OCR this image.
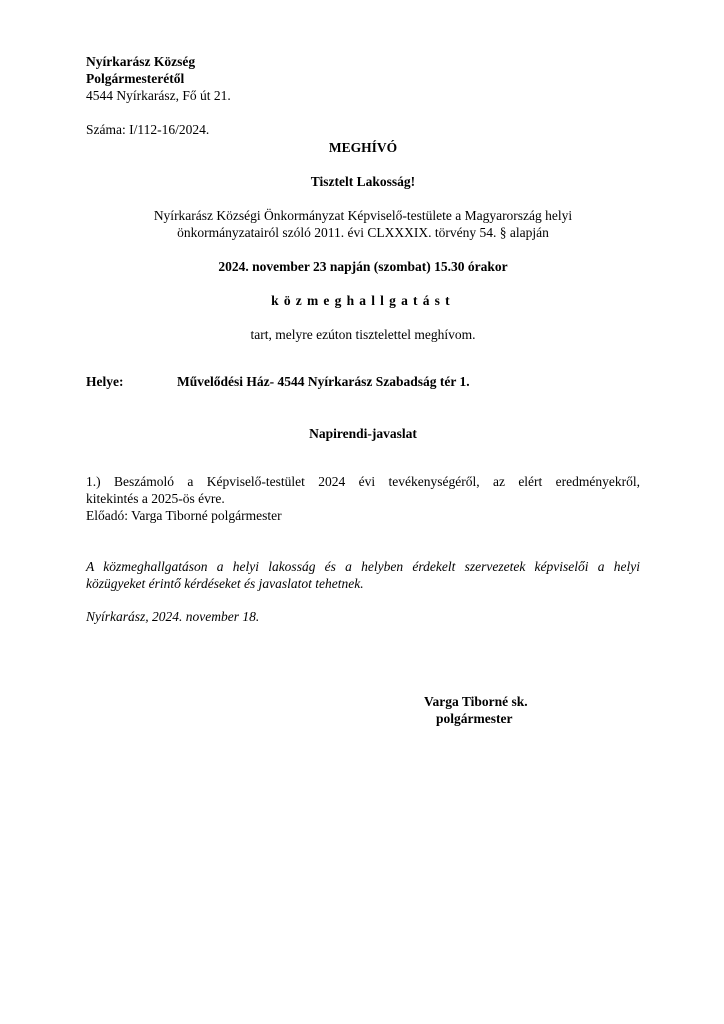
Nyírkarász Község
Polgármesterétől
4544 Nyírkarász, Fő út 21.
Száma: I/112-16/2024.
MEGHÍVÓ
Tisztelt Lakosság!
Nyírkarász Községi Önkormányzat Képviselő-testülete a Magyarország helyi
önkormányzatairól szóló 2011. évi CLXXXIX. törvény 54. § alapján
2024. november 23 napján (szombat) 15.30 órakor
közmeghallgatást
tart, melyre ezúton tisztelettel meghívom.
Helye:	Művelődési Ház- 4544 Nyírkarász Szabadság tér 1.
Napirendi-javaslat
1.) Beszámoló a Képviselő-testület 2024 évi tevékenységéről, az elért eredményekről,
kitekintés a 2025-ös évre.
Előadó: Varga Tiborné polgármester
A közmeghallgatáson a helyi lakosság és a helyben érdekelt szervezetek képviselői a helyi
közügyeket érintő kérdéseket és javaslatot tehetnek.
Nyírkarász, 2024. november 18.
Varga Tiborné sk.
polgármester
